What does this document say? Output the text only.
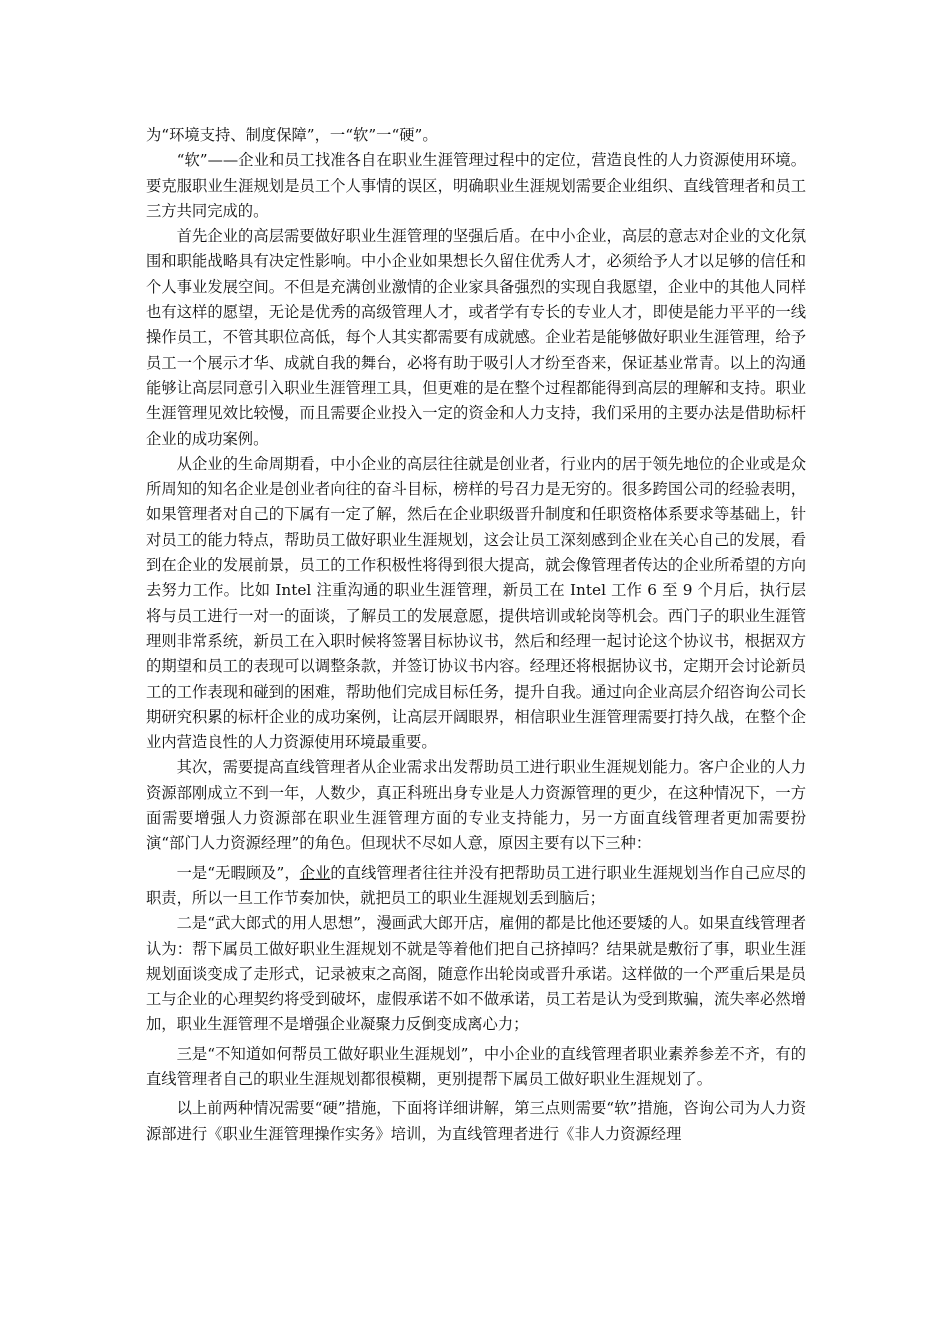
为“环境支持、制度保障”，一“软”一“硬”。

“软”——企业和员工找准各自在职业生涯管理过程中的定位，营造良性的人力资源使用环境。要克服职业生涯规划是员工个人事情的误区，明确职业生涯规划需要企业组织、直线管理者和员工三方共同完成的。

首先企业的高层需要做好职业生涯管理的坚强后盾。在中小企业，高层的意志对企业的文化氛围和职能战略具有决定性影响。中小企业如果想长久留住优秀人才，必须给予人才以足够的信任和个人事业发展空间。不但是充满创业激情的企业家具备强烈的实现自我愿望，企业中的其他人同样也有这样的愿望，无论是优秀的高级管理人才，或者学有专长的专业人才，即使是能力平平的一线操作员工，不管其职位高低，每个人其实都需要有成就感。企业若是能够做好职业生涯管理，给予员工一个展示才华、成就自我的舞台，必将有助于吸引人才纷至沓来，保证基业常青。以上的沟通能够让高层同意引入职业生涯管理工具，但更难的是在整个过程都能得到高层的理解和支持。职业生涯管理见效比较慢，而且需要企业投入一定的资金和人力支持，我们采用的主要办法是借助标杆企业的成功案例。

从企业的生命周期看，中小企业的高层往往就是创业者，行业内的居于领先地位的企业或是众所周知的知名企业是创业者向往的奋斗目标，榜样的号召力是无穷的。很多跨国公司的经验表明，如果管理者对自己的下属有一定了解，然后在企业职级晋升制度和任职资格体系要求等基础上，针对员工的能力特点，帮助员工做好职业生涯规划，这会让员工深刻感到企业在关心自己的发展，看到在企业的发展前景，员工的工作积极性将得到很大提高，就会像管理者传达的企业所希望的方向去努力工作。比如 Intel 注重沟通的职业生涯管理，新员工在 Intel 工作 6 至 9 个月后，执行层将与员工进行一对一的面谈，了解员工的发展意愿，提供培训或轮岗等机会。西门子的职业生涯管理则非常系统，新员工在入职时候将签署目标协议书，然后和经理一起讨论这个协议书，根据双方的期望和员工的表现可以调整条款，并签订协议书内容。经理还将根据协议书，定期开会讨论新员工的工作表现和碰到的困难，帮助他们完成目标任务，提升自我。通过向企业高层介绍咨询公司长期研究积累的标杆企业的成功案例，让高层开阔眼界，相信职业生涯管理需要打持久战，在整个企业内营造良性的人力资源使用环境最重要。

其次，需要提高直线管理者从企业需求出发帮助员工进行职业生涯规划能力。客户企业的人力资源部刚成立不到一年，人数少，真正科班出身专业是人力资源管理的更少，在这种情况下，一方面需要增强人力资源部在职业生涯管理方面的专业支持能力，另一方面直线管理者更加需要扮演“部门人力资源经理”的角色。但现状不尽如人意，原因主要有以下三种：

一是“无暇顾及”，企业的直线管理者往往并没有把帮助员工进行职业生涯规划当作自己应尽的职责，所以一旦工作节奏加快，就把员工的职业生涯规划丢到脑后；

二是“武大郎式的用人思想”，漫画武大郎开店，雇佣的都是比他还要矮的人。如果直线管理者认为：帮下属员工做好职业生涯规划不就是等着他们把自己挤掉吗？结果就是敷衍了事，职业生涯规划面谈变成了走形式，记录被束之高阁，随意作出轮岗或晋升承诺。这样做的一个严重后果是员工与企业的心理契约将受到破坏，虚假承诺不如不做承诺，员工若是认为受到欺骗，流失率必然增加，职业生涯管理不是增强企业凝聚力反倒变成离心力；

三是“不知道如何帮员工做好职业生涯规划”，中小企业的直线管理者职业素养参差不齐，有的直线管理者自己的职业生涯规划都很模糊，更别提帮下属员工做好职业生涯规划了。

以上前两种情况需要“硬”措施，下面将详细讲解，第三点则需要“软”措施，咨询公司为人力资源部进行《职业生涯管理操作实务》培训，为直线管理者进行《非人力资源经理
